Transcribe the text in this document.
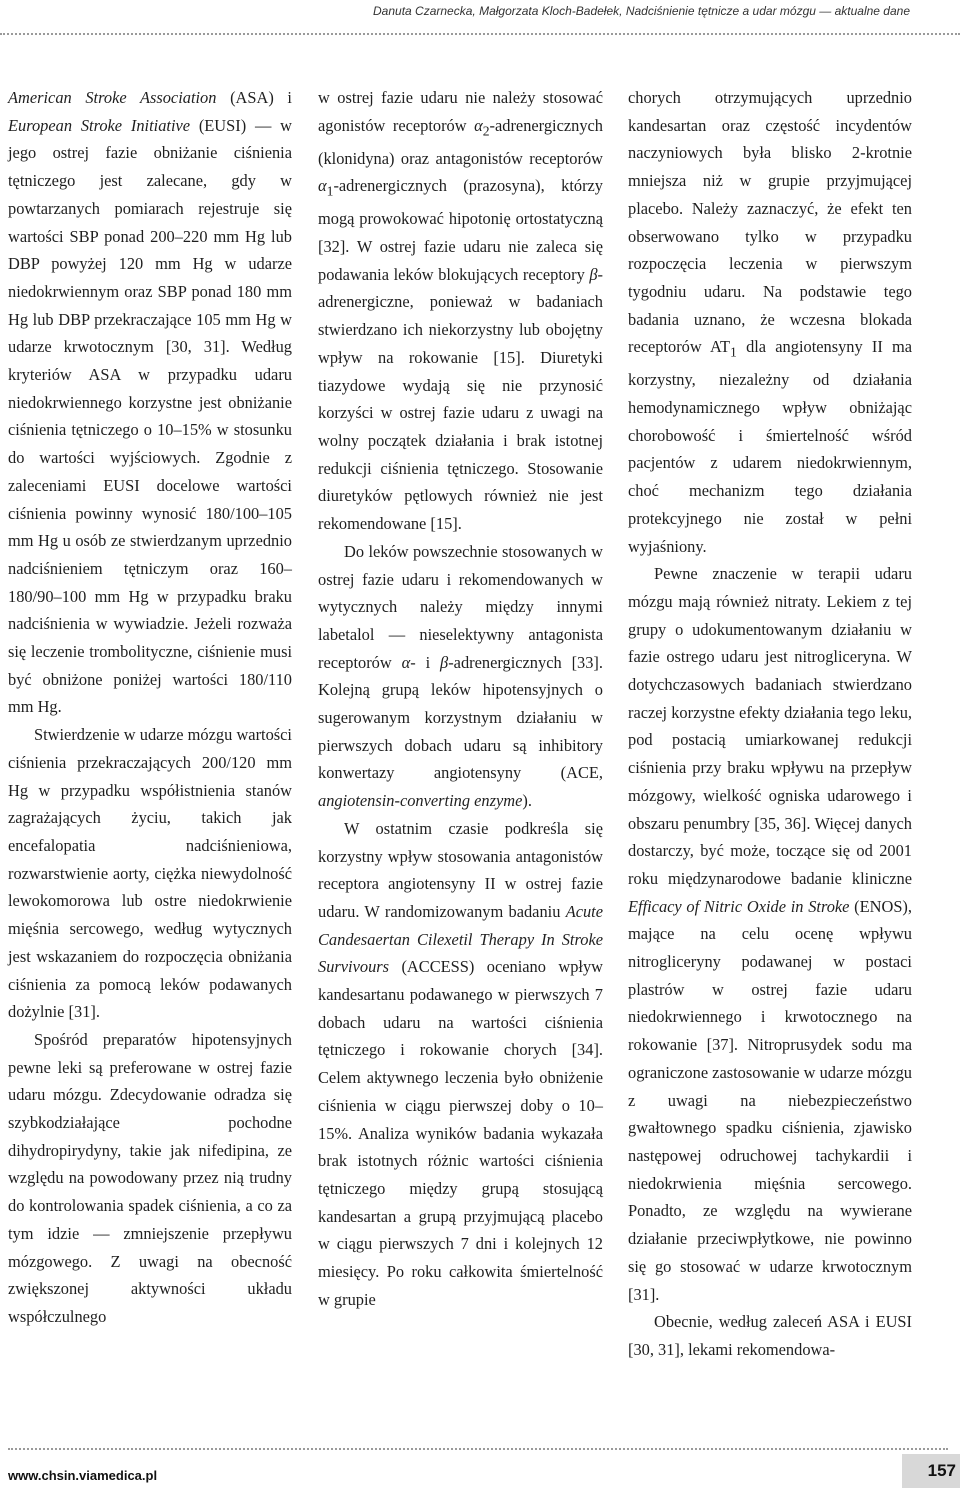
Danuta Czarnecka, Małgorzata Kloch-Badełek, Nadciśnienie tętnicze a udar mózgu — aktualne dane

American Stroke Association (ASA) i European Stroke Initiative (EUSI) — w jego ostrej fazie obniżanie ciśnienia tętniczego jest zalecane, gdy w powtarzanych pomiarach rejestruje się wartości SBP ponad 200–220 mm Hg lub DBP powyżej 120 mm Hg w udarze niedokrwiennym oraz SBP ponad 180 mm Hg lub DBP przekraczające 105 mm Hg w udarze krwotocznym [30, 31]. Według kryteriów ASA w przypadku udaru niedokrwiennego korzystne jest obniżanie ciśnienia tętniczego o 10–15% w stosunku do wartości wyjściowych. Zgodnie z zaleceniami EUSI docelowe wartości ciśnienia powinny wynosić 180/100–105 mm Hg u osób ze stwierdzanym uprzednio nadciśnieniem tętniczym oraz 160–180/90–100 mm Hg w przypadku braku nadciśnienia w wywiadzie. Jeżeli rozważa się leczenie trombolityczne, ciśnienie musi być obniżone poniżej wartości 180/110 mm Hg.

Stwierdzenie w udarze mózgu wartości ciśnienia przekraczających 200/120 mm Hg w przypadku współistnienia stanów zagrażających życiu, takich jak encefalopatia nadciśnieniowa, rozwarstwienie aorty, ciężka niewydolność lewokomorowa lub ostre niedokrwienie mięśnia sercowego, według wytycznych jest wskazaniem do rozpoczęcia obniżania ciśnienia za pomocą leków podawanych dożylnie [31].

Spośród preparatów hipotensyjnych pewne leki są preferowane w ostrej fazie udaru mózgu. Zdecydowanie odradza się szybkodziałające pochodne dihydropirydyny, takie jak nifedipina, ze względu na powodowany przez nią trudny do kontrolowania spadek ciśnienia, a co za tym idzie — zmniejszenie przepływu mózgowego. Z uwagi na obecność zwiększonej aktywności układu współczulnego

w ostrej fazie udaru nie należy stosować agonistów receptorów $\alpha_2$-adrenergicznych (klonidyna) oraz antagonistów receptorów $\alpha_1$-adrenergicznych (prazosyna), którzy mogą prowokować hipotonię ortostatyczną [32]. W ostrej fazie udaru nie zaleca się podawania leków blokujących receptory β-adrenergiczne, ponieważ w badaniach stwierdzano ich niekorzystny lub obojętny wpływ na rokowanie [15]. Diuretyki tiazydowe wydają się nie przynosić korzyści w ostrej fazie udaru z uwagi na wolny początek działania i brak istotnej redukcji ciśnienia tętniczego. Stosowanie diuretyków pętlowych również nie jest rekomendowane [15].

Do leków powszechnie stosowanych w ostrej fazie udaru i rekomendowanych w wytycznych należy między innymi labetalol — nieselektywny antagonista receptorów α- i β-adrenergicznych [33]. Kolejną grupą leków hipotensyjnych o sugerowanym korzystnym działaniu w pierwszych dobach udaru są inhibitory konwertazy angiotensyny (ACE, angiotensin-converting enzyme).

W ostatnim czasie podkreśla się korzystny wpływ stosowania antagonistów receptora angiotensyny II w ostrej fazie udaru. W randomizowanym badaniu Acute Candesaertan Cilexetil Therapy In Stroke Survivours (ACCESS) oceniano wpływ kandesartanu podawanego w pierwszych 7 dobach udaru na wartości ciśnienia tętniczego i rokowanie chorych [34]. Celem aktywnego leczenia było obniżenie ciśnienia w ciągu pierwszej doby o 10–15%. Analiza wyników badania wykazała brak istotnych różnic wartości ciśnienia tętniczego między grupą stosującą kandesartan a grupą przyjmującą placebo w ciągu pierwszych 7 dni i kolejnych 12 miesięcy. Po roku całkowita śmiertelność w grupie

chorych otrzymujących uprzednio kandesartan oraz częstość incydentów naczyniowych była blisko 2-krotnie mniejsza niż w grupie przyjmującej placebo. Należy zaznaczyć, że efekt ten obserwowano tylko w przypadku rozpoczęcia leczenia w pierwszym tygodniu udaru. Na podstawie tego badania uznano, że wczesna blokada receptorów $AT_1$ dla angiotensyny II ma korzystny, niezależny od działania hemodynamicznego wpływ obniżając chorobowość i śmiertelność wśród pacjentów z udarem niedokrwiennym, choć mechanizm tego działania protekcyjnego nie został w pełni wyjaśniony.

Pewne znaczenie w terapii udaru mózgu mają również nitraty. Lekiem z tej grupy o udokumentowanym działaniu w fazie ostrego udaru jest nitrogliceryna. W dotychczasowych badaniach stwierdzano raczej korzystne efekty działania tego leku, pod postacią umiarkowanej redukcji ciśnienia przy braku wpływu na przepływ mózgowy, wielkość ogniska udarowego i obszaru penumbry [35, 36]. Więcej danych dostarczy, być może, toczące się od 2001 roku międzynarodowe badanie kliniczne Efficacy of Nitric Oxide in Stroke (ENOS), mające na celu ocenę wpływu nitrogliceryny podawanej w postaci plastrów w ostrej fazie udaru niedokrwiennego i krwotocznego na rokowanie [37]. Nitroprusydek sodu ma ograniczone zastosowanie w udarze mózgu z uwagi na niebezpieczeństwo gwałtownego spadku ciśnienia, zjawisko następowej odruchowej tachykardii i niedokrwienia mięśnia sercowego. Ponadto, ze względu na wywierane działanie przeciwpłytkowe, nie powinno się go stosować w udarze krwotocznym [31].

Obecnie, według zaleceń ASA i EUSI [30, 31], lekami rekomendowa-

www.chsin.viamedica.pl	157
